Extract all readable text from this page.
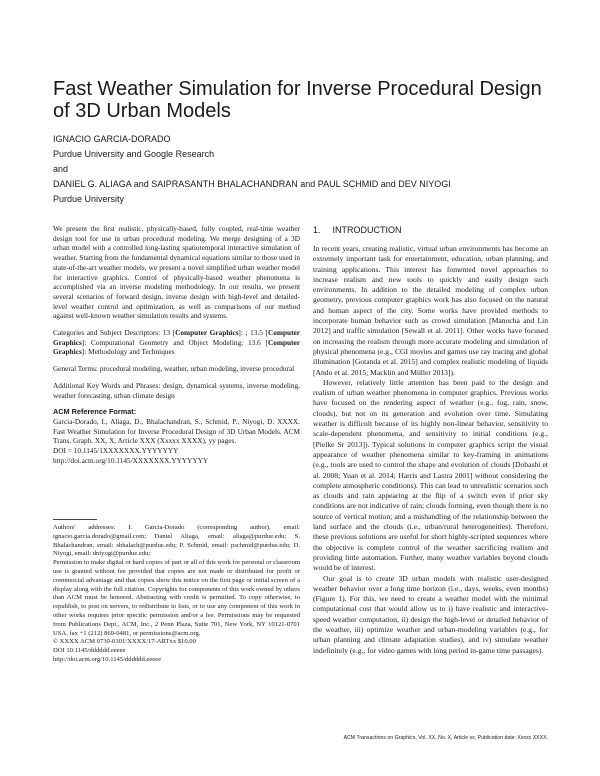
Fast Weather Simulation for Inverse Procedural Design of 3D Urban Models
IGNACIO GARCIA-DORADO
Purdue University and Google Research
and
DANIEL G. ALIAGA and SAIPRASANTH BHALACHANDRAN and PAUL SCHMID and DEV NIYOGI
Purdue University

We present the first realistic, physically-based, fully coupled, real-time weather design tool for use in urban procedural modeling. We merge designing of a 3D urban model with a controlled long-lasting spatiotemporal interactive simulation of weather. Starting from the fundamental dynamical equations similar to those used in state-of-the-art weather models, we present a novel simplified urban weather model for interactive graphics. Control of physically-based weather phenomena is accomplished via an inverse modeling methodology. In our results, we present several scenarios of forward design, inverse design with high-level and detailed-level weather control and optimization, as well as comparisons of our method against well-known weather simulation results and systems.

Categories and Subject Descriptors: 13 [Computer Graphics]: ; 13.5 [Computer Graphics]: Computational Geometry and Object Modeling; 13.6 [Computer Graphics]: Methodology and Techniques

General Terms: procedural modeling, weather, urban modeling, inverse procedural

Additional Key Words and Phrases: design, dynamical systems, inverse modeling, weather forecasting, urban climate design

ACM Reference Format:

Garcia-Dorado, I., Aliaga, D., Bhalachandran, S., Schmid, P., Niyogi, D. XXXX. Fast Weather Simulation for Inverse Procedural Design of 3D Urban Models. ACM Trans. Graph. XX, X, Article XXX (Xxxxx XXXX), yy pages.

DOI = 10.1145/1XXXXXXX.YYYYYYY
http://doi.acm.org/10.1145/XXXXXXX.YYYYYYY

Authors' addresses: I. Garcia-Dorado (corresponding author), email: ignacio.garcia.dorado@gmail.com; Daniel Aliaga, email: aliaga@purdue.edu; S. Bhalachandran, email: sbhalach@purdue.edu; P. Schmid, email: pschmid@purdue.edu; D. Niyogi, email: dniyogi@purdue.edu;

Permission to make digital or hard copies of part or all of this work for personal or classroom use is granted without fee provided that copies are not made or distributed for profit or commercial advantage and that copies show this notice on the first page or initial screen of a display along with the full citation. Copyrights for components of this work owned by others than ACM must be honored. Abstracting with credit is permitted. To copy otherwise, to republish, to post on servers, to redistribute to lists, or to use any component of this work in other works requires prior specific permission and/or a fee. Permissions may be requested from Publications Dept., ACM, Inc., 2 Penn Plaza, Suite 701, New York, NY 10121-0701 USA, fax +1 (212) 869-0481, or permissions@acm.org.

© XXXX ACM 0730-0301/XXXX/17-ARTxx $10.00

DOI 10.1145/dddddd.eeeee

http://doi.acm.org/10.1145/dddddd.eeeee

1. INTRODUCTION

In recent years, creating realistic, virtual urban environments has become an extremely important task for entertainment, education, urban planning, and training applications. This interest has fomented novel approaches to increase realism and new tools to quickly and easily design such environments. In addition to the detailed modeling of complex urban geometry, previous computer graphics work has also focused on the natural and human aspect of the city. Some works have provided methods to incorporate human behavior such as crowd simulation [Manocha and Lin 2012] and traffic simulation [Sewall et al. 2011]. Other works have focused on increasing the realism through more accurate modeling and simulation of physical phenomena (e.g., CGI movies and games use ray tracing and global illumination [Gotanda et al. 2015] and complex realistic modeling of liquids [Ando et al. 2015; Macklin and Müller 2013]).

However, relatively little attention has been paid to the design and realism of urban weather phenomena in computer graphics. Previous works have focused on the rendering aspect of weather (e.g., fog, rain, snow, clouds), but not on its generation and evolution over time. Simulating weather is difficult because of its highly non-linear behavior, sensitivity to scale-dependent phenomena, and sensitivity to initial conditions (e.g., [Pielke Sr 2013]). Typical solutions in computer graphics script the visual appearance of weather phenomena similar to key-framing in animations (e.g., tools are used to control the shape and evolution of clouds [Dobashi et al. 2008; Yuan et al. 2014; Harris and Lastra 2001] without considering the complete atmospheric conditions). This can lead to unrealistic scenarios such as clouds and rain appearing at the flip of a switch even if prior sky conditions are not indicative of rain; clouds forming, even though there is no source of vertical motion; and a mishandling of the relationship between the land surface and the clouds (i.e., urban/rural heterogeneities). Therefore, these previous solutions are useful for short highly-scripted sequences where the objective is complete control of the weather sacrificing realism and providing little automation. Further, many weather variables beyond clouds would be of interest.

Our goal is to create 3D urban models with realistic user-designed weather behavior over a long time horizon (i.e., days, weeks, even months) (Figure 1). For this, we need to create a weather model with the minimal computational cost that would allow us to i) have realistic and interactive-speed weather computation, ii) design the high-level or detailed behavior of the weather, iii) optimize weather and urban-modeling variables (e.g., for urban planning and climate adaptation studies), and iv) simulate weather indefinitely (e.g., for video games with long period in-game time passages).

ACM Transactions on Graphics, Vol. XX, No. X, Article xx, Publication date: Xxxxx XXXX.
